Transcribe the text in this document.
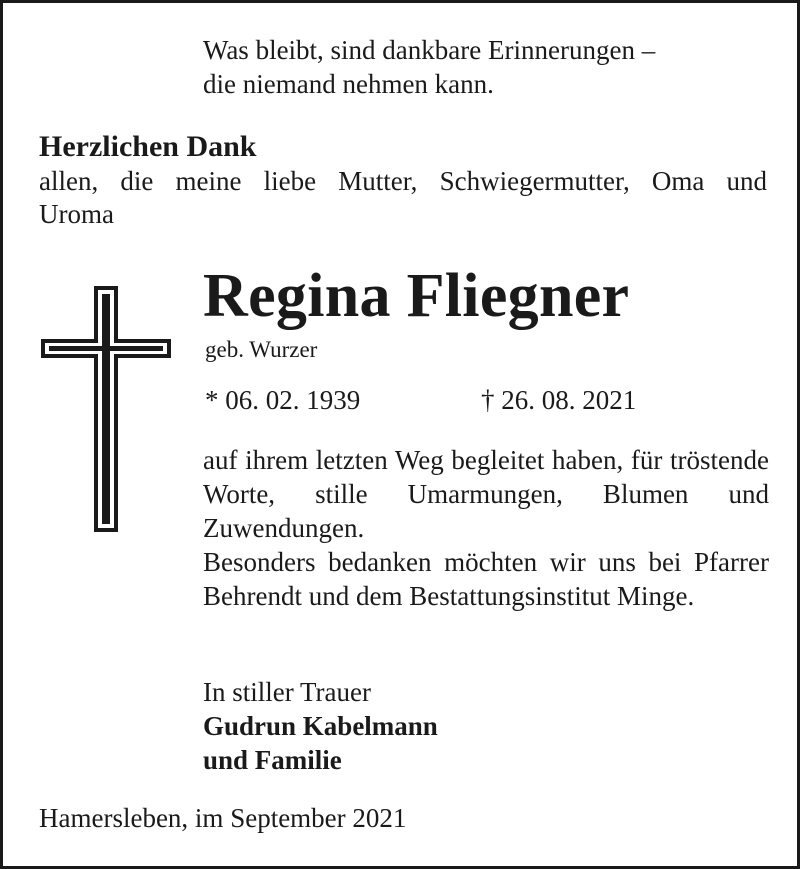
Was bleibt, sind dankbare Erinnerungen –
die niemand nehmen kann.
Herzlichen Dank
allen, die meine liebe Mutter, Schwiegermutter, Oma und
Uroma
Regina Fliegner
geb. Wurzer
* 06. 02. 1939	† 26. 08. 2021

auf ihrem letzten Weg begleitet haben, für tröstende Worte, stille Umarmungen, Blumen und Zuwendungen.

Besonders bedanken möchten wir uns bei Pfarrer Behrendt und dem Bestattungsinstitut Minge.

In stiller Trauer
Gudrun Kabelmann
und Familie
Hamersleben, im September 2021
